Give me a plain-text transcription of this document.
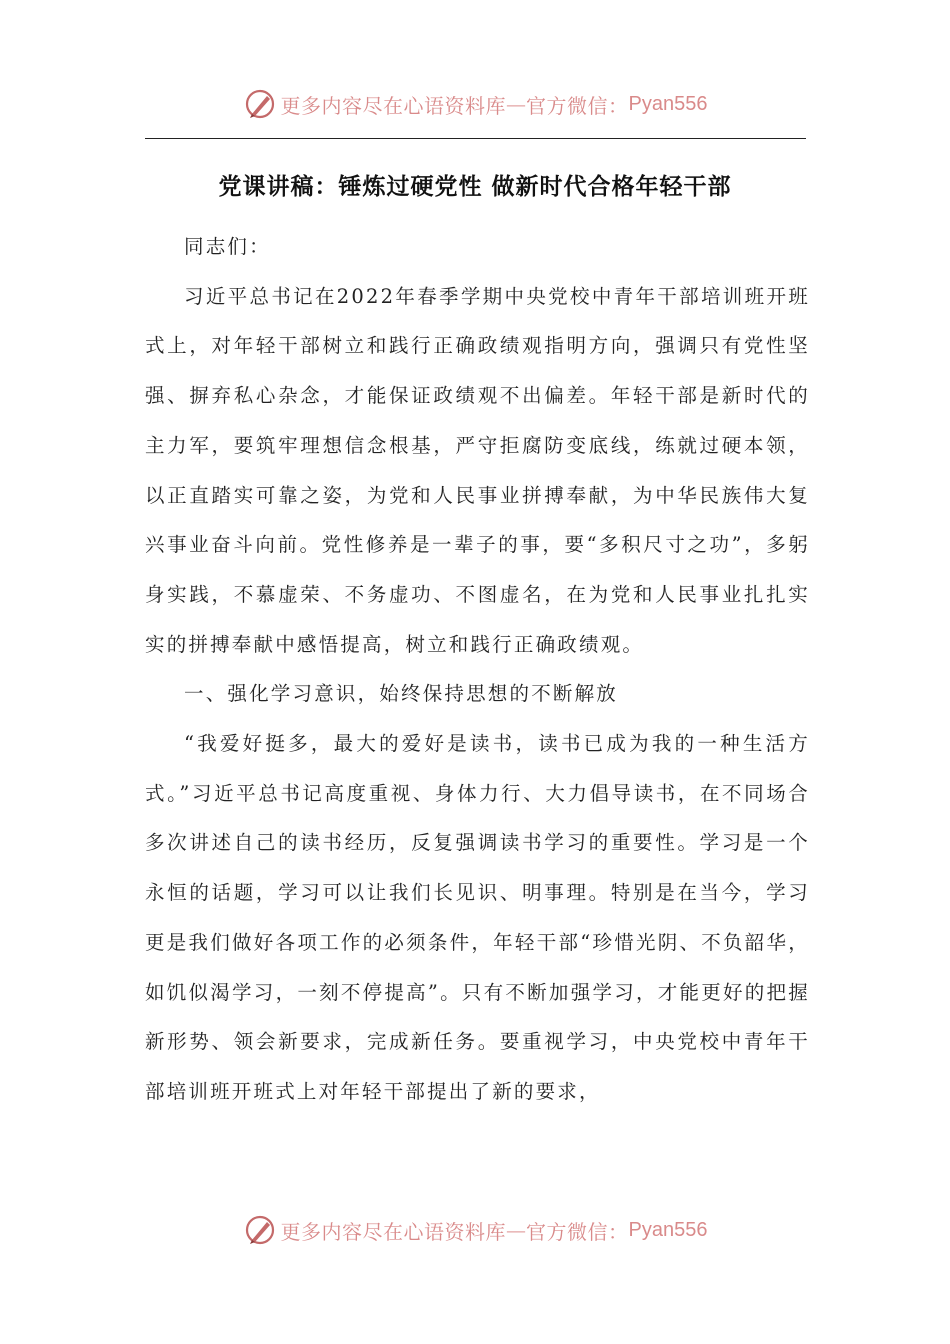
更多内容尽在心语资料库 — 官方微信： Pyan556
党课讲稿：锤炼过硬党性 做新时代合格年轻干部

同志们：

习近平总书记在2022年春季学期中央党校中青年干部培训班开班式上，对年轻干部树立和践行正确政绩观指明方向，强调只有党性坚强、摒弃私心杂念，才能保证政绩观不出偏差。年轻干部是新时代的主力军，要筑牢理想信念根基，严守拒腐防变底线，练就过硬本领，以正直踏实可靠之姿，为党和人民事业拼搏奉献，为中华民族伟大复兴事业奋斗向前。党性修养是一辈子的事，要“多积尺寸之功”，多躬身实践，不慕虚荣、不务虚功、不图虚名，在为党和人民事业扎扎实实的拼搏奉献中感悟提高，树立和践行正确政绩观。

一、强化学习意识，始终保持思想的不断解放

“我爱好挺多，最大的爱好是读书，读书已成为我的一种生活方式。”习近平总书记高度重视、身体力行、大力倡导读书，在不同场合多次讲述自己的读书经历，反复强调读书学习的重要性。学习是一个永恒的话题，学习可以让我们长见识、明事理。特别是在当今，学习更是我们做好各项工作的必须条件，年轻干部“珍惜光阴、不负韶华，如饥似渴学习，一刻不停提高”。只有不断加强学习，才能更好的把握新形势、领会新要求，完成新任务。要重视学习，中央党校中青年干部培训班开班式上对年轻干部提出了新的要求，

更多内容尽在心语资料库 — 官方微信： Pyan556
